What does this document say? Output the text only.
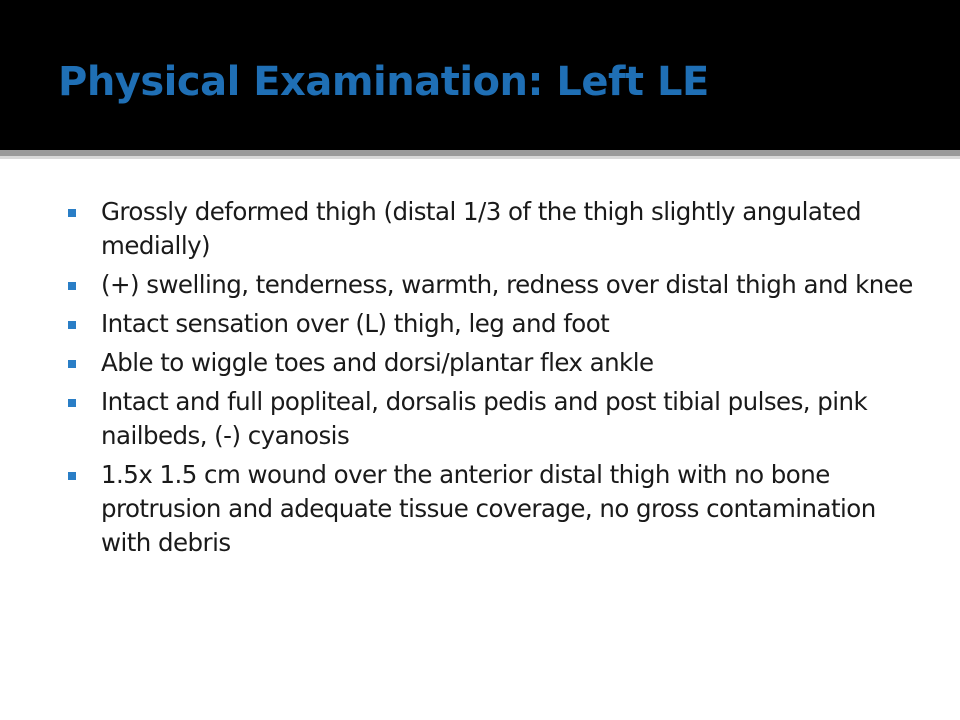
Physical Examination: Left LE
Grossly deformed thigh (distal 1/3 of the thigh slightly angulated medially)
(+) swelling, tenderness, warmth, redness over distal thigh and knee
Intact sensation over (L) thigh, leg and foot
Able to wiggle toes and dorsi/plantar flex ankle
Intact and full popliteal, dorsalis pedis and post tibial pulses, pink nailbeds, (-) cyanosis
1.5x 1.5 cm wound over the anterior distal thigh with no bone protrusion and adequate tissue coverage, no gross contamination with debris
